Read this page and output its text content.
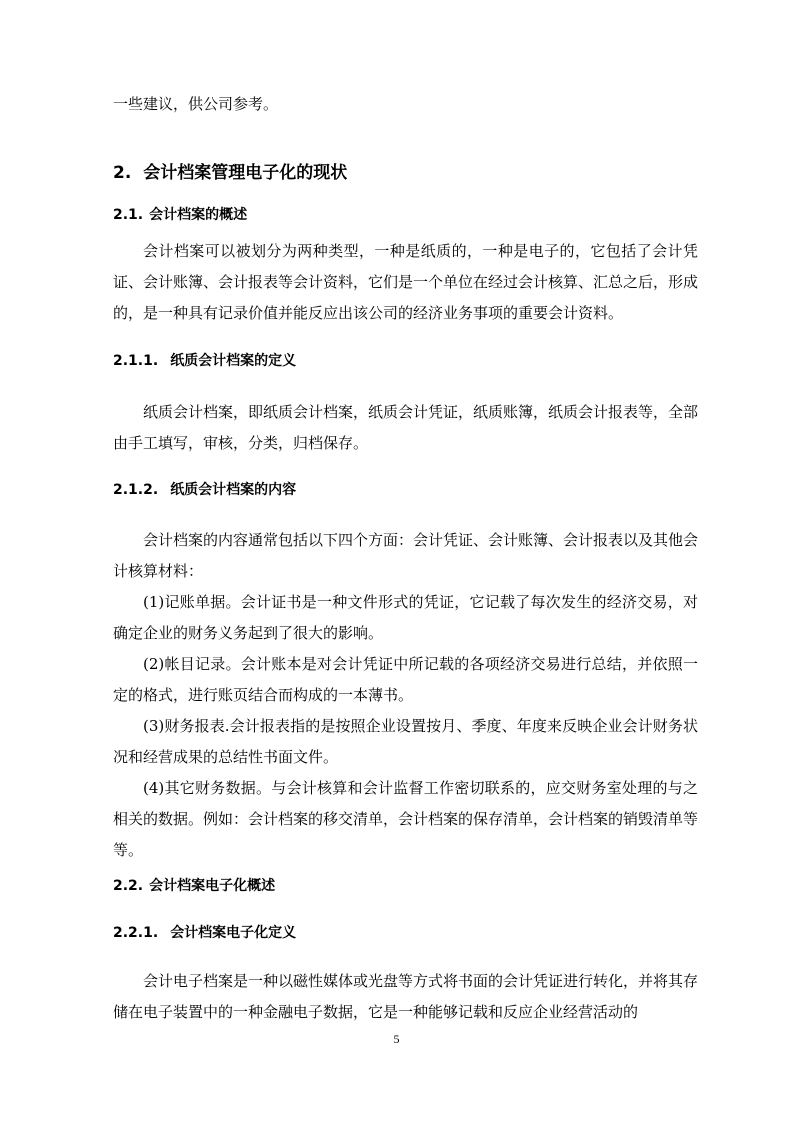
一些建议，供公司参考。

2. 会计档案管理电子化的现状
2.1. 会计档案的概述

会计档案可以被划分为两种类型，一种是纸质的，一种是电子的，它包括了会计凭证、会计账簿、会计报表等会计资料，它们是一个单位在经过会计核算、汇总之后，形成的，是一种具有记录价值并能反应出该公司的经济业务事项的重要会计资料。

2.1.1. 纸质会计档案的定义

纸质会计档案，即纸质会计档案，纸质会计凭证，纸质账簿，纸质会计报表等，全部由手工填写，审核，分类，归档保存。

2.1.2. 纸质会计档案的内容

会计档案的内容通常包括以下四个方面：会计凭证、会计账簿、会计报表以及其他会计核算材料：

(1)记账单据。会计证书是一种文件形式的凭证，它记载了每次发生的经济交易，对确定企业的财务义务起到了很大的影响。

(2)帐目记录。会计账本是对会计凭证中所记载的各项经济交易进行总结，并依照一定的格式，进行账页结合而构成的一本薄书。

(3)财务报表.会计报表指的是按照企业设置按月、季度、年度来反映企业会计财务状况和经营成果的总结性书面文件。

(4)其它财务数据。与会计核算和会计监督工作密切联系的，应交财务室处理的与之相关的数据。例如：会计档案的移交清单，会计档案的保存清单，会计档案的销毁清单等等。

2.2. 会计档案电子化概述
2.2.1. 会计档案电子化定义

会计电子档案是一种以磁性媒体或光盘等方式将书面的会计凭证进行转化，并将其存储在电子装置中的一种金融电子数据，它是一种能够记载和反应企业经营活动的

5
